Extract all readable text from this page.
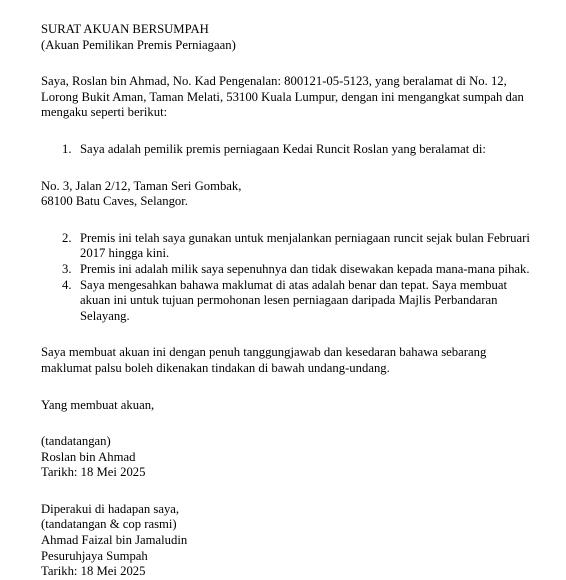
SURAT AKUAN BERSUMPAH
(Akuan Pemilikan Premis Perniagaan)
Saya, Roslan bin Ahmad, No. Kad Pengenalan: 800121-05-5123, yang beralamat di No. 12,
Lorong Bukit Aman, Taman Melati, 53100 Kuala Lumpur, dengan ini mengangkat sumpah dan
mengaku seperti berikut:
1. Saya adalah pemilik premis perniagaan Kedai Runcit Roslan yang beralamat di:
No. 3, Jalan 2/12, Taman Seri Gombak,
68100 Batu Caves, Selangor.
2. Premis ini telah saya gunakan untuk menjalankan perniagaan runcit sejak bulan Februari
2017 hingga kini.
3. Premis ini adalah milik saya sepenuhnya dan tidak disewakan kepada mana-mana pihak.
4. Saya mengesahkan bahawa maklumat di atas adalah benar dan tepat. Saya membuat
akuan ini untuk tujuan permohonan lesen perniagaan daripada Majlis Perbandaran
Selayang.
Saya membuat akuan ini dengan penuh tanggungjawab dan kesedaran bahawa sebarang
maklumat palsu boleh dikenakan tindakan di bawah undang-undang.
Yang membuat akuan,
(tandatangan)
Roslan bin Ahmad
Tarikh: 18 Mei 2025
Diperakui di hadapan saya,
(tandatangan & cop rasmi)
Ahmad Faizal bin Jamaludin
Pesuruhjaya Sumpah
Tarikh: 18 Mei 2025
